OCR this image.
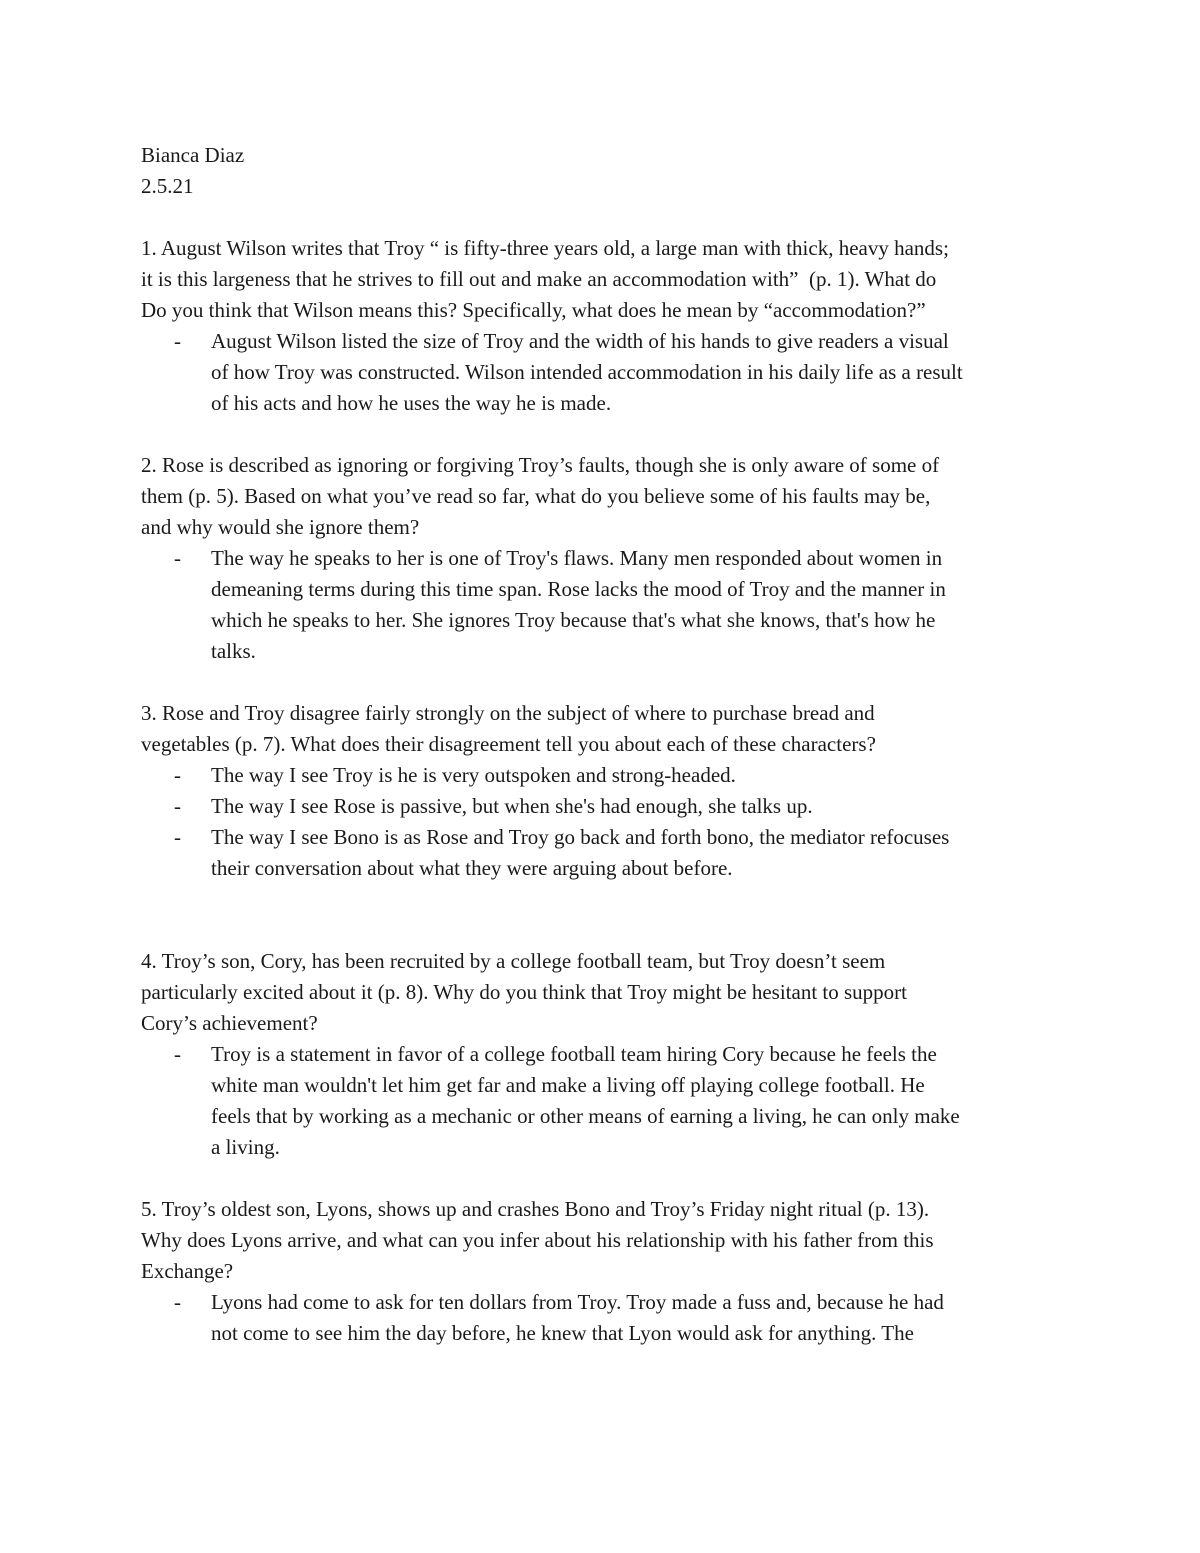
Bianca Diaz
2.5.21
1. August Wilson writes that Troy “ is fifty-three years old, a large man with thick, heavy hands;
it is this largeness that he strives to fill out and make an accommodation with”  (p. 1). What do
Do you think that Wilson means this? Specifically, what does he mean by “accommodation?”
- August Wilson listed the size of Troy and the width of his hands to give readers a visual
of how Troy was constructed. Wilson intended accommodation in his daily life as a result
of his acts and how he uses the way he is made.
2. Rose is described as ignoring or forgiving Troy’s faults, though she is only aware of some of
them (p. 5). Based on what you’ve read so far, what do you believe some of his faults may be,
and why would she ignore them?
- The way he speaks to her is one of Troy's flaws. Many men responded about women in
demeaning terms during this time span. Rose lacks the mood of Troy and the manner in
which he speaks to her. She ignores Troy because that's what she knows, that's how he
talks.
3. Rose and Troy disagree fairly strongly on the subject of where to purchase bread and
vegetables (p. 7). What does their disagreement tell you about each of these characters?
- The way I see Troy is he is very outspoken and strong-headed.
- The way I see Rose is passive, but when she's had enough, she talks up.
- The way I see Bono is as Rose and Troy go back and forth bono, the mediator refocuses
their conversation about what they were arguing about before.
4. Troy’s son, Cory, has been recruited by a college football team, but Troy doesn’t seem
particularly excited about it (p. 8). Why do you think that Troy might be hesitant to support
Cory’s achievement?
- Troy is a statement in favor of a college football team hiring Cory because he feels the
white man wouldn't let him get far and make a living off playing college football. He
feels that by working as a mechanic or other means of earning a living, he can only make
a living.
5. Troy’s oldest son, Lyons, shows up and crashes Bono and Troy’s Friday night ritual (p. 13).
Why does Lyons arrive, and what can you infer about his relationship with his father from this
Exchange?
- Lyons had come to ask for ten dollars from Troy. Troy made a fuss and, because he had
not come to see him the day before, he knew that Lyon would ask for anything. The
